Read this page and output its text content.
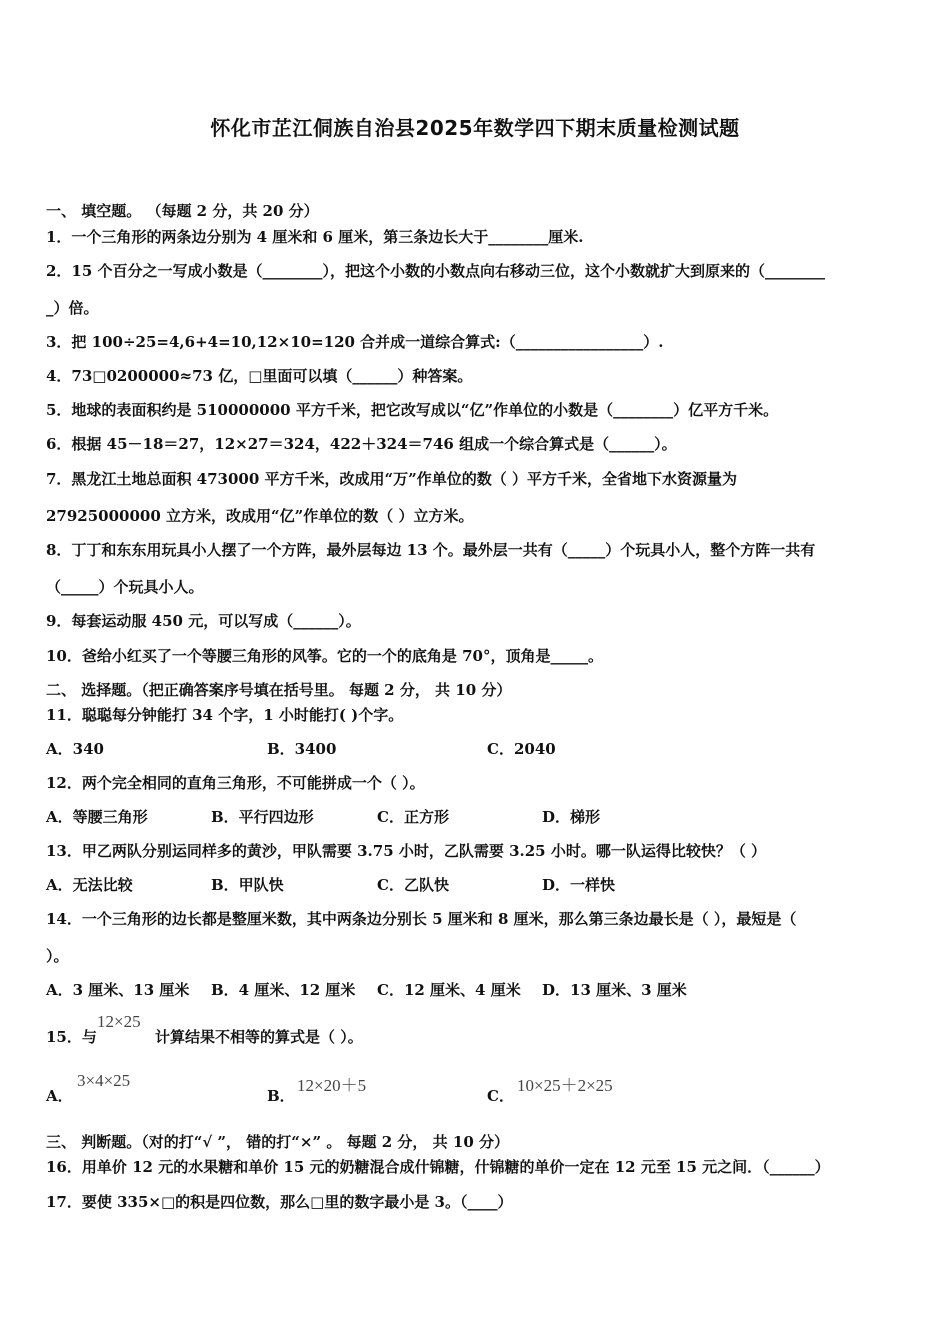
怀化市芷江侗族自治县2025年数学四下期末质量检测试题
一、 填空题。 （每题 2 分，共 20 分）
1．一个三角形的两条边分别为 4 厘米和 6 厘米，第三条边长大于________厘米.
2．15 个百分之一写成小数是（________），把这个小数的小数点向右移动三位，这个小数就扩大到原来的（________
_）倍。
3．把 100÷25=4,6+4=10,12×10=120 合并成一道综合算式:（_________________）.
4．73□0200000≈73 亿，□里面可以填（______）种答案。
5．地球的表面积约是 510000000 平方千米，把它改写成以“亿”作单位的小数是（________）亿平方千米。
6．根据 45－18＝27，12×27＝324，422＋324＝746 组成一个综合算式是（______）。
7．黑龙江土地总面积 473000 平方千米，改成用“万”作单位的数（ ）平方千米，全省地下水资源量为
27925000000 立方米，改成用“亿”作单位的数（ ）立方米。
8．丁丁和东东用玩具小人摆了一个方阵，最外层每边 13 个。最外层一共有（_____）个玩具小人，整个方阵一共有
（_____）个玩具小人。
9．每套运动服 450 元，可以写成（______）。
10．爸给小红买了一个等腰三角形的风筝。它的一个的底角是 70°，顶角是_____。
二、 选择题。（把正确答案序号填在括号里。 每题 2 分， 共 10 分）
11．聪聪每分钟能打 34 个字，1 小时能打( )个字。
A．340	B．3400	C．2040
12．两个完全相同的直角三角形，不可能拼成一个（ ）。
A．等腰三角形	B．平行四边形	C．正方形	D．梯形
13．甲乙两队分别运同样多的黄沙，甲队需要 3.75 小时，乙队需要 3.25 小时。哪一队运得比较快？（ ）
A．无法比较	B．甲队快	C．乙队快	D．一样快
14．一个三角形的边长都是整厘米数，其中两条边分别长 5 厘米和 8 厘米，那么第三条边最长是（ ），最短是（
）。
A．3 厘米、13 厘米 B．4 厘米、12 厘米 C．12 厘米、4 厘米 D．13 厘米、3 厘米
15．与
12×25
计算结果不相等的算式是（ ）。
A．
3×4×25
B．
12×20＋5
C．
10×25＋2×25
三、 判断题。（对的打“√ ”， 错的打“×” 。 每题 2 分， 共 10 分）
16．用单价 12 元的水果糖和单价 15 元的奶糖混合成什锦糖，什锦糖的单价一定在 12 元至 15 元之间．（______）
17．要使 335×□的积是四位数，那么□里的数字最小是 3。（____）
